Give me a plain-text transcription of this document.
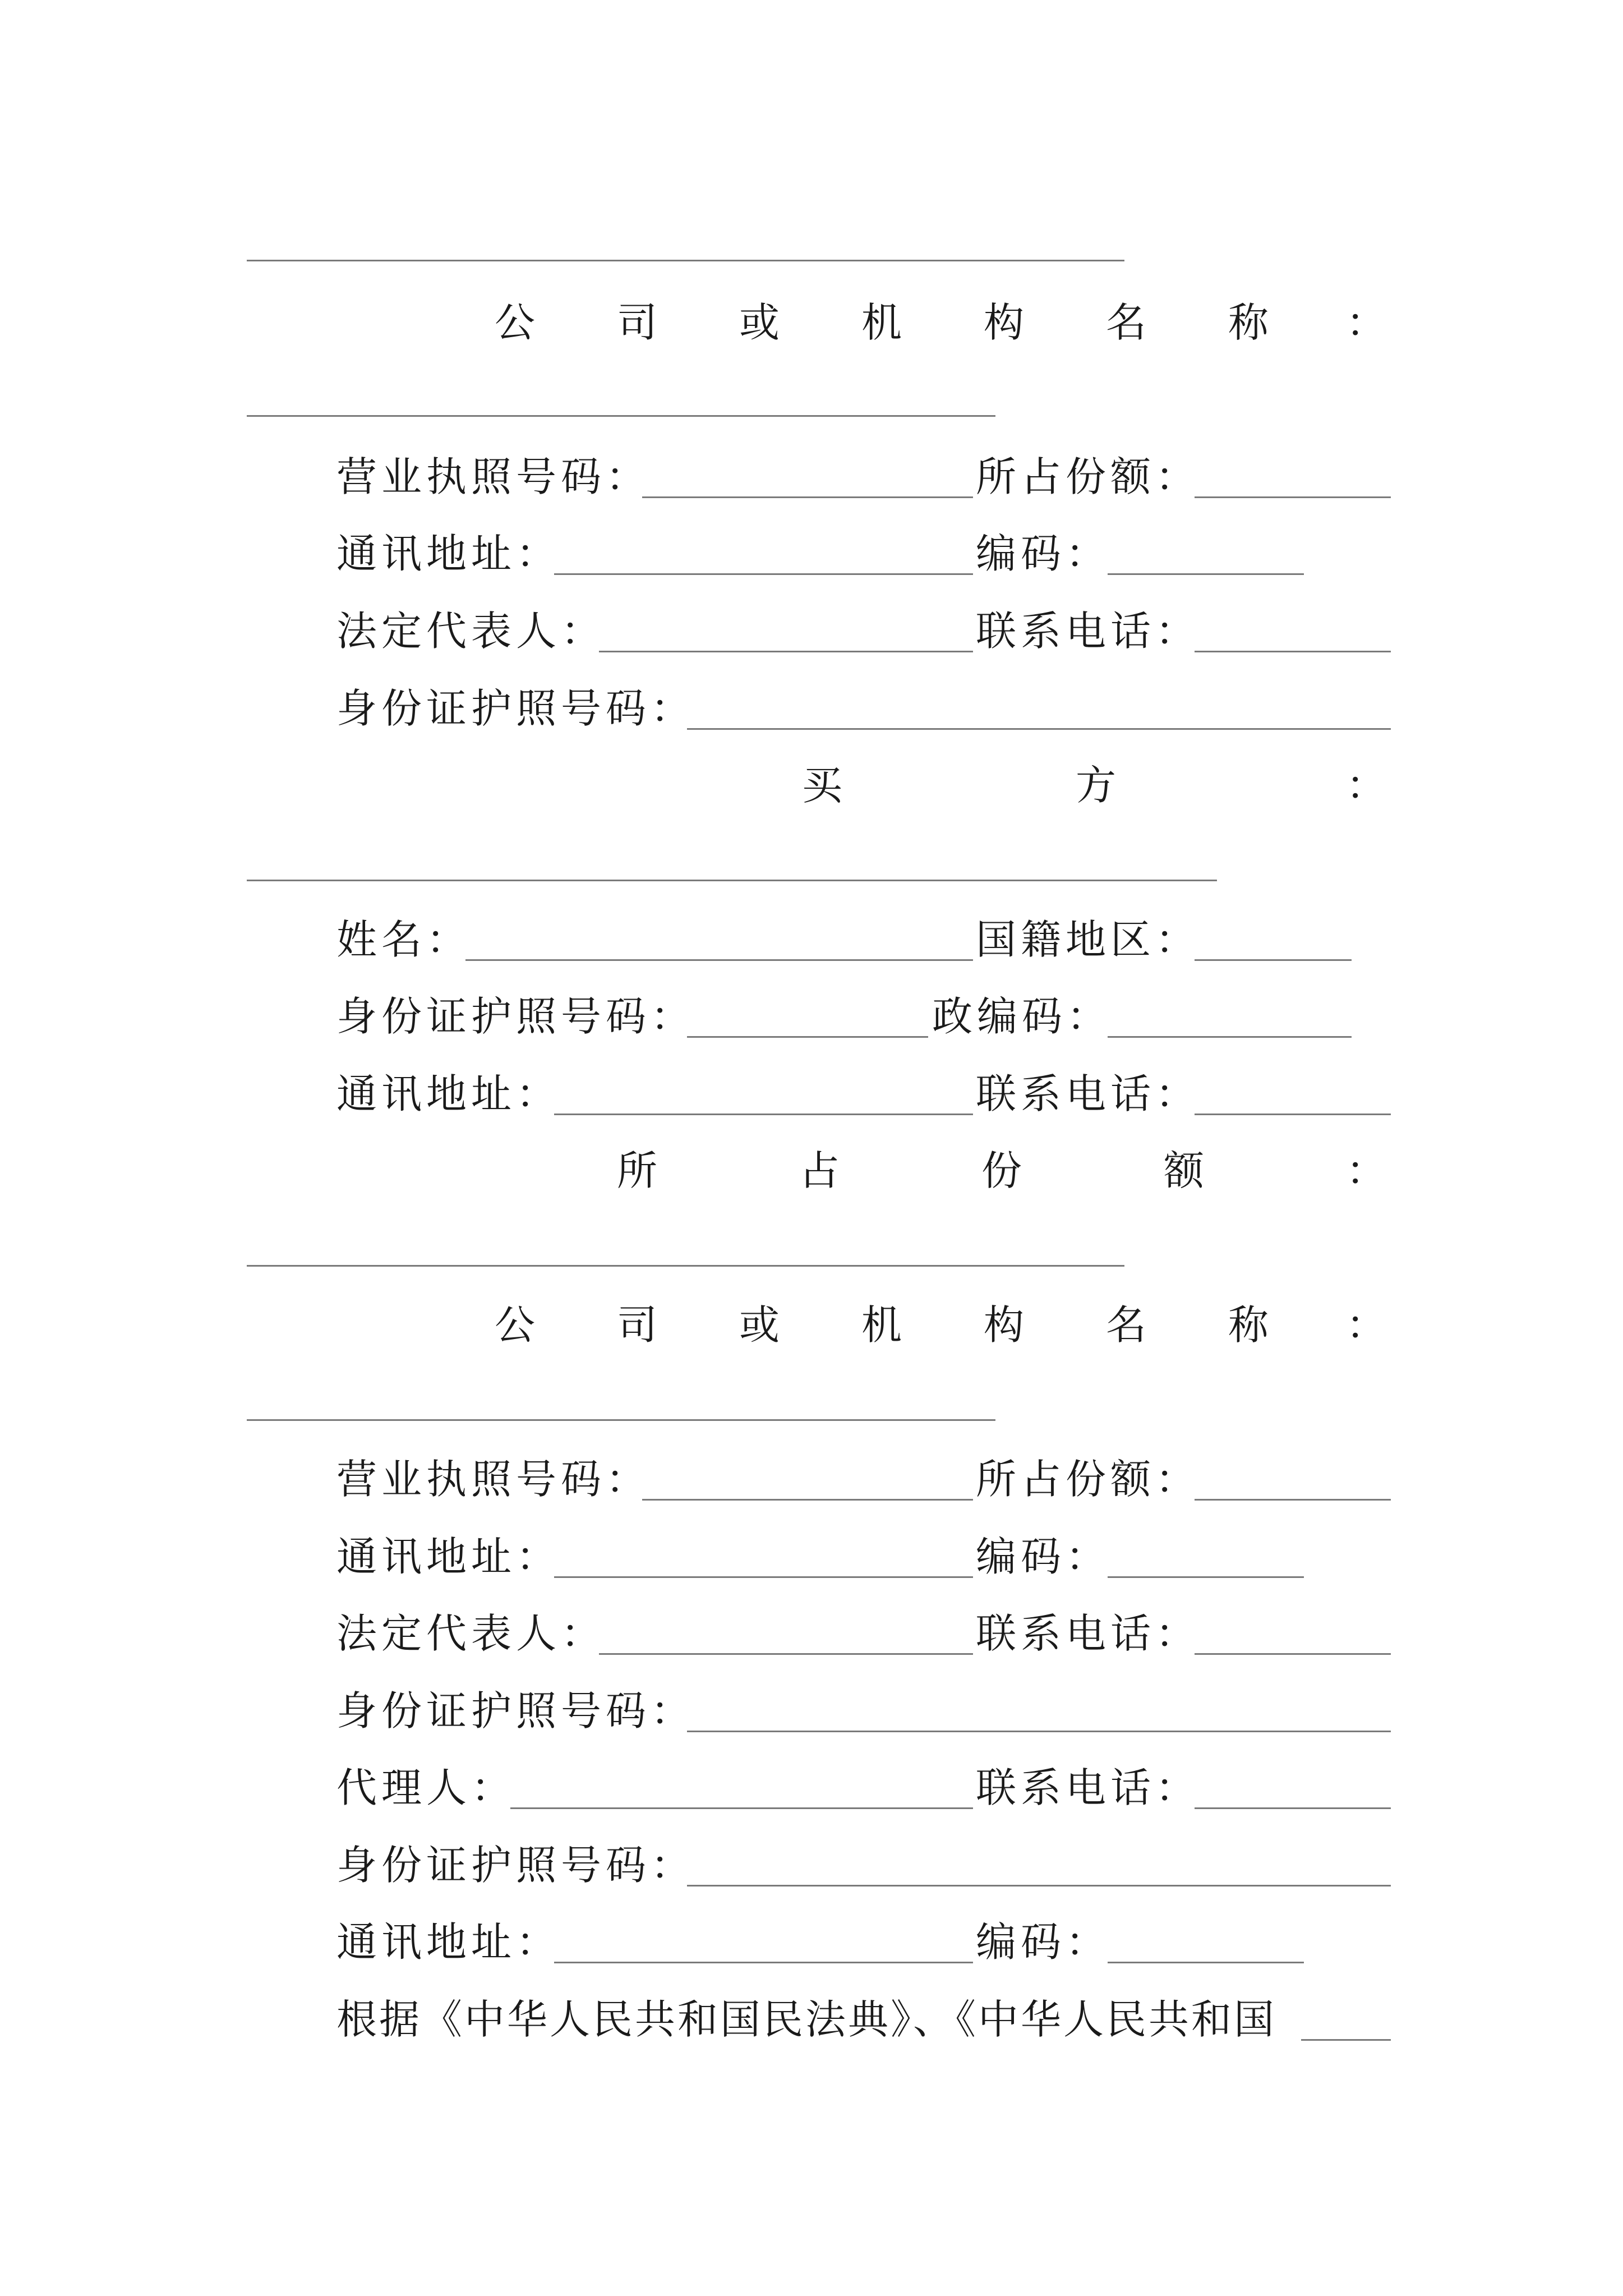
公 司 或 机 构 名 称 ：
营业执照号码：	所占份额：
通讯地址：	编码：
法定代表人：	联系电话：
身份证护照号码：
买	方	：
姓名：	国籍地区：
身份证护照号码：	政编码：
通讯地址：	联系电话：
所	占	份	额	：
公 司 或 机 构 名 称 ：
营业执照号码：	所占份额：
通讯地址：	编码：
法定代表人：	联系电话：
身份证护照号码：
代理人：	联系电话：
身份证护照号码：
通讯地址：	编码：
根据《中华人民共和国民法典》、《中华人民共和国
